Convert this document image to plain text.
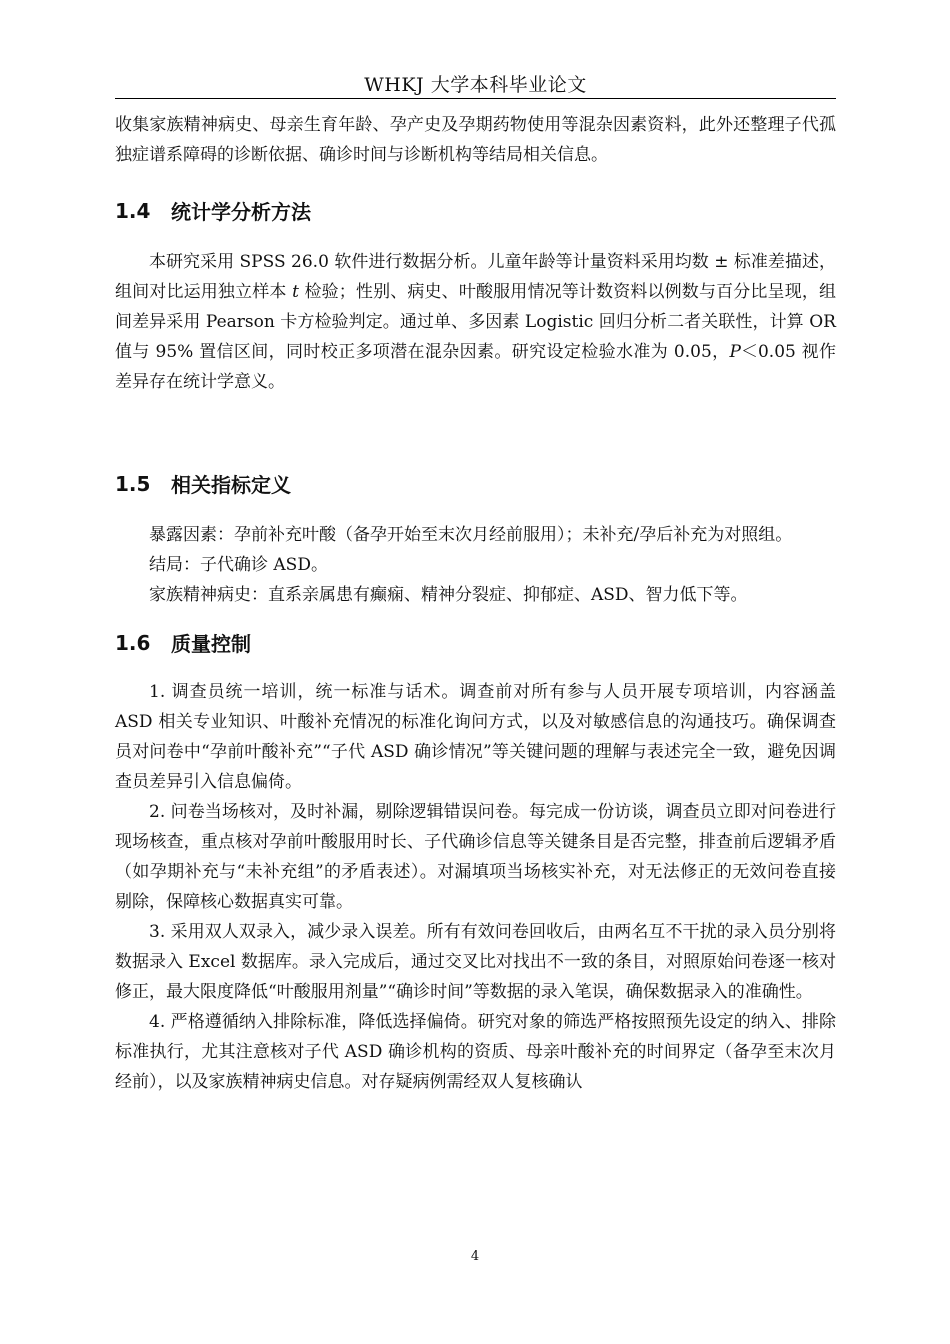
WHKJ 大学本科毕业论文

收集家族精神病史、母亲生育年龄、孕产史及孕期药物使用等混杂因素资料，此外还整理子代孤独症谱系障碍的诊断依据、确诊时间与诊断机构等结局相关信息。

1.4	统计学分析方法

本研究采用 SPSS 26.0 软件进行数据分析。儿童年龄等计量资料采用均数 ± 标准差描述，组间对比运用独立样本 t 检验；性别、病史、叶酸服用情况等计数资料以例数与百分比呈现，组间差异采用 Pearson 卡方检验判定。通过单、多因素 Logistic 回归分析二者关联性，计算 OR 值与 95% 置信区间，同时校正多项潜在混杂因素。研究设定检验水准为 0.05，P＜0.05 视作差异存在统计学意义。

1.5	相关指标定义

暴露因素：孕前补充叶酸（备孕开始至末次月经前服用）；未补充/孕后补充为对照组。

结局：子代确诊 ASD。

家族精神病史：直系亲属患有癫痫、精神分裂症、抑郁症、ASD、智力低下等。

1.6	质量控制

1. 调查员统一培训，统一标准与话术。调查前对所有参与人员开展专项培训，内容涵盖 ASD 相关专业知识、叶酸补充情况的标准化询问方式，以及对敏感信息的沟通技巧。确保调查员对问卷中“孕前叶酸补充”“子代 ASD 确诊情况”等关键问题的理解与表述完全一致，避免因调查员差异引入信息偏倚。

2. 问卷当场核对，及时补漏，剔除逻辑错误问卷。每完成一份访谈，调查员立即对问卷进行现场核查，重点核对孕前叶酸服用时长、子代确诊信息等关键条目是否完整，排查前后逻辑矛盾（如孕期补充与“未补充组”的矛盾表述）。对漏填项当场核实补充，对无法修正的无效问卷直接剔除，保障核心数据真实可靠。

3. 采用双人双录入，减少录入误差。所有有效问卷回收后，由两名互不干扰的录入员分别将数据录入 Excel 数据库。录入完成后，通过交叉比对找出不一致的条目，对照原始问卷逐一核对修正，最大限度降低“叶酸服用剂量”“确诊时间”等数据的录入笔误，确保数据录入的准确性。

4. 严格遵循纳入排除标准，降低选择偏倚。研究对象的筛选严格按照预先设定的纳入、排除标准执行，尤其注意核对子代 ASD 确诊机构的资质、母亲叶酸补充的时间界定（备孕至末次月经前），以及家族精神病史信息。对存疑病例需经双人复核确认

4
